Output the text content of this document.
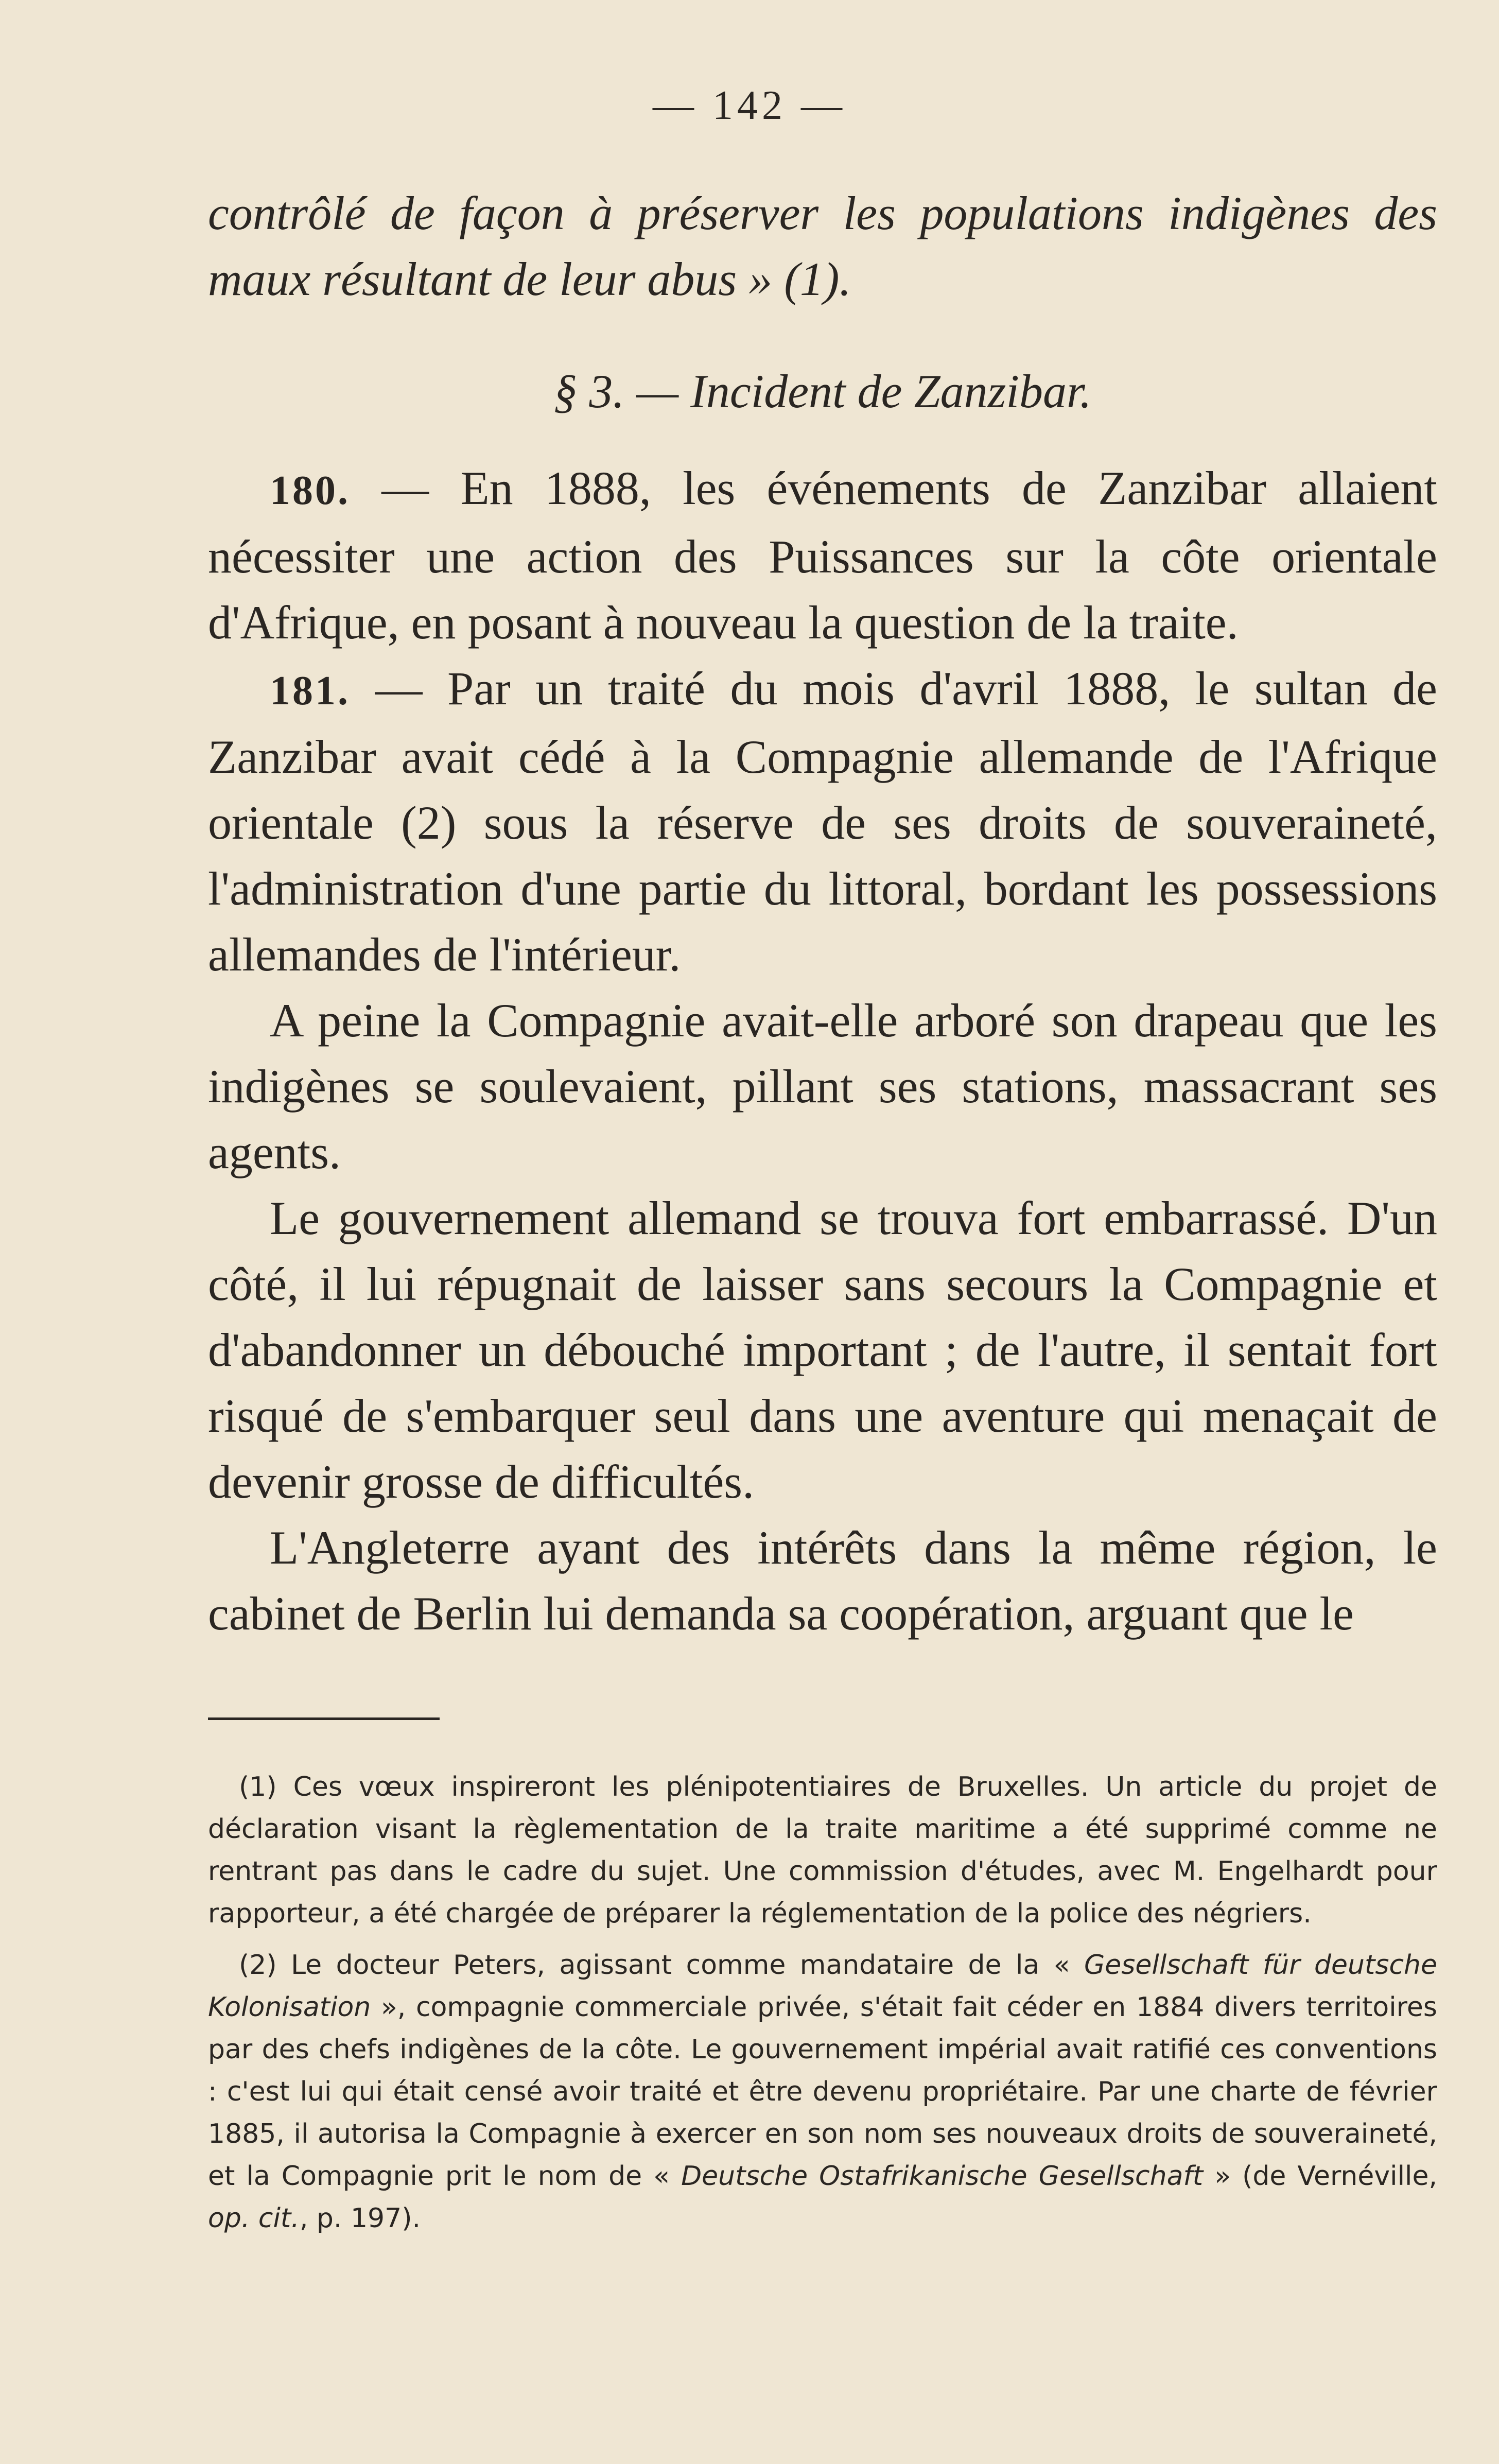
— 142 —

contrôlé de façon à préserver les populations indigènes des maux résultant de leur abus » (1).

§ 3. — Incident de Zanzibar.

180. — En 1888, les événements de Zanzibar allaient nécessiter une action des Puissances sur la côte orientale d'Afrique, en posant à nouveau la question de la traite.

181. — Par un traité du mois d'avril 1888, le sultan de Zanzibar avait cédé à la Compagnie allemande de l'Afrique orientale (2) sous la réserve de ses droits de souveraineté, l'administration d'une partie du littoral, bordant les possessions allemandes de l'intérieur.

A peine la Compagnie avait-elle arboré son drapeau que les indigènes se soulevaient, pillant ses stations, massacrant ses agents.

Le gouvernement allemand se trouva fort embarrassé. D'un côté, il lui répugnait de laisser sans secours la Compagnie et d'abandonner un débouché important ; de l'autre, il sentait fort risqué de s'embarquer seul dans une aventure qui menaçait de devenir grosse de difficultés.

L'Angleterre ayant des intérêts dans la même région, le cabinet de Berlin lui demanda sa coopération, arguant que le

(1) Ces vœux inspireront les plénipotentiaires de Bruxelles. Un article du projet de déclaration visant la règlementation de la traite maritime a été supprimé comme ne rentrant pas dans le cadre du sujet. Une commission d'études, avec M. Engelhardt pour rapporteur, a été chargée de préparer la réglementation de la police des négriers.

(2) Le docteur Peters, agissant comme mandataire de la « Gesellschaft für deutsche Kolonisation », compagnie commerciale privée, s'était fait céder en 1884 divers territoires par des chefs indigènes de la côte. Le gouvernement impérial avait ratifié ces conventions : c'est lui qui était censé avoir traité et être devenu propriétaire. Par une charte de février 1885, il autorisa la Compagnie à exercer en son nom ses nouveaux droits de souveraineté, et la Compagnie prit le nom de « Deutsche Ostafrikanische Gesellschaft » (de Vernéville, op. cit., p. 197).
